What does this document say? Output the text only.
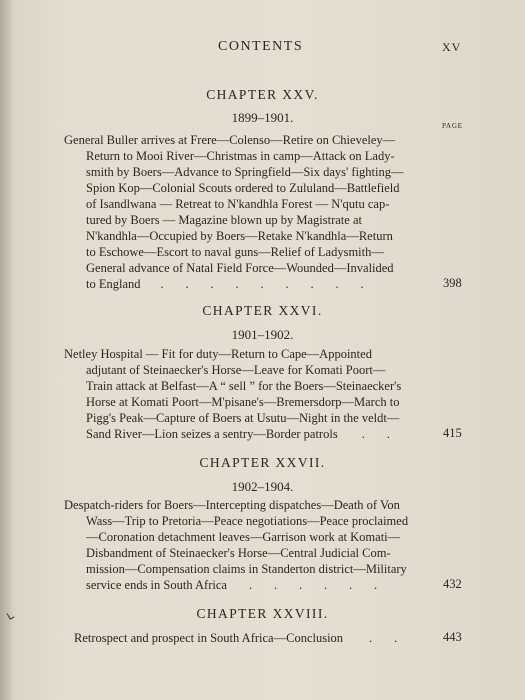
CONTENTS	XV
CHAPTER XXV.
1899–1901.
PAGE
General Buller arrives at Frere—Colenso—Retire on Chieveley—
Return to Mooi River—Christmas in camp—Attack on Lady-
smith by Boers—Advance to Springfield—Six days' fighting—
Spion Kop—Colonial Scouts ordered to Zululand—Battlefield
of Isandlwana — Retreat to N'kandhla Forest — N'qutu cap-
tured by Boers — Magazine blown up by Magistrate at
N'kandhla—Occupied by Boers—Retake N'kandhla—Return
to Eschowe—Escort to naval guns—Relief of Ladysmith—
General advance of Natal Field Force—Wounded—Invalided
to England .       .       .       .       .       .       .       .       .	398
CHAPTER XXVI.
1901–1902.
Netley Hospital — Fit for duty—Return to Cape—Appointed
adjutant of Steinaecker's Horse—Leave for Komati Poort—
Train attack at Belfast—A “ sell ” for the Boers—Steinaecker's
Horse at Komati Poort—M'pisane's—Bremersdorp—March to
Pigg's Peak—Capture of Boers at Usutu—Night in the veldt—
Sand River—Lion seizes a sentry—Border patrols .       .	415
CHAPTER XXVII.
1902–1904.
Despatch-riders for Boers—Intercepting dispatches—Death of Von
Wass—Trip to Pretoria—Peace negotiations—Peace proclaimed
—Coronation detachment leaves—Garrison work at Komati—
Disbandment of Steinaecker's Horse—Central Judicial Com-
mission—Compensation claims in Standerton district—Military
service ends in South Africa .       .       .       .       .       .	432
CHAPTER XXVIII.
Retrospect and prospect in South Africa—Conclusion .       .	443
